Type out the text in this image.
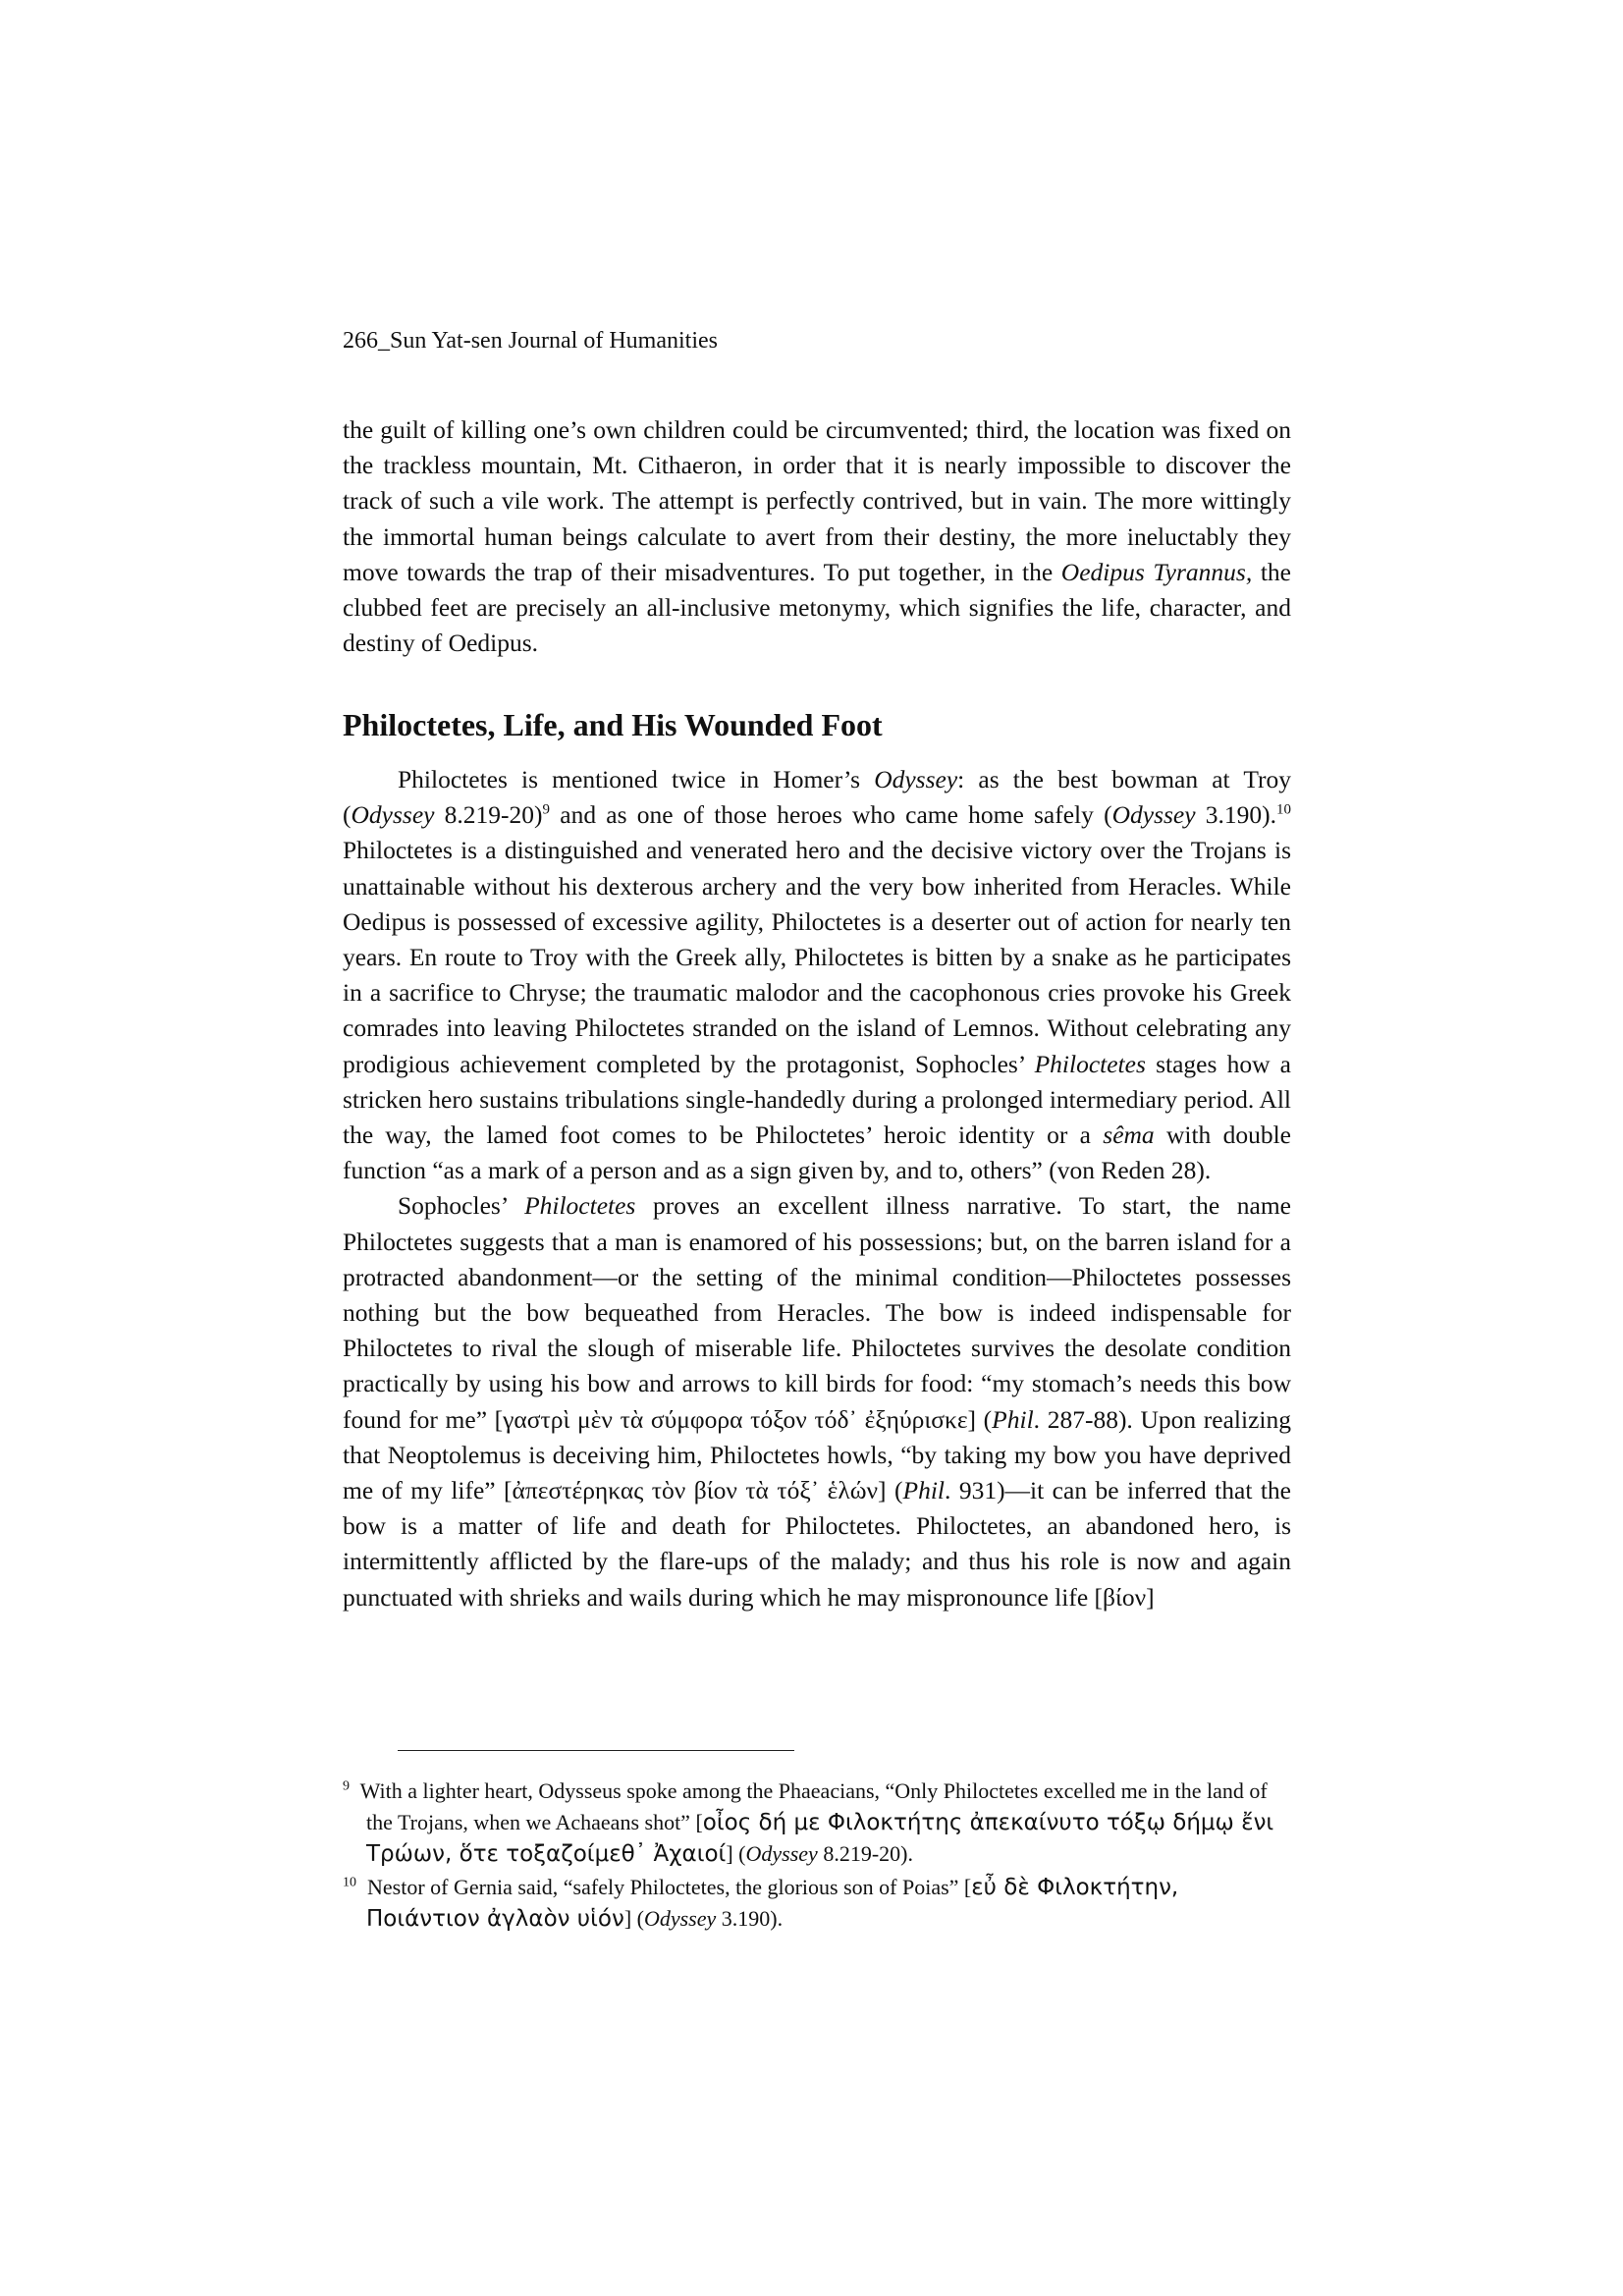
266_Sun Yat-sen Journal of Humanities

the guilt of killing one’s own children could be circumvented; third, the location was fixed on the trackless mountain, Mt. Cithaeron, in order that it is nearly impossible to discover the track of such a vile work. The attempt is perfectly contrived, but in vain. The more wittingly the immortal human beings calculate to avert from their destiny, the more ineluctably they move towards the trap of their misadventures. To put together, in the Oedipus Tyrannus, the clubbed feet are precisely an all-inclusive metonymy, which signifies the life, character, and destiny of Oedipus.

Philoctetes, Life, and His Wounded Foot

Philoctetes is mentioned twice in Homer’s Odyssey: as the best bowman at Troy (Odyssey 8.219-20)$^9$ and as one of those heroes who came home safely (Odyssey 3.190).$^{10}$ Philoctetes is a distinguished and venerated hero and the decisive victory over the Trojans is unattainable without his dexterous archery and the very bow inherited from Heracles. While Oedipus is possessed of excessive agility, Philoctetes is a deserter out of action for nearly ten years. En route to Troy with the Greek ally, Philoctetes is bitten by a snake as he participates in a sacrifice to Chryse; the traumatic malodor and the cacophonous cries provoke his Greek comrades into leaving Philoctetes stranded on the island of Lemnos. Without celebrating any prodigious achievement completed by the protagonist, Sophocles’ Philoctetes stages how a stricken hero sustains tribulations single-handedly during a prolonged intermediary period. All the way, the lamed foot comes to be Philoctetes’ heroic identity or a sêma with double function “as a mark of a person and as a sign given by, and to, others” (von Reden 28).

Sophocles’ Philoctetes proves an excellent illness narrative. To start, the name Philoctetes suggests that a man is enamored of his possessions; but, on the barren island for a protracted abandonment—or the setting of the minimal condition—Philoctetes possesses nothing but the bow bequeathed from Heracles. The bow is indeed indispensable for Philoctetes to rival the slough of miserable life. Philoctetes survives the desolate condition practically by using his bow and arrows to kill birds for food: “my stomach’s needs this bow found for me” [γαστρὶ μὲν τὰ σύμφορα τόξον τόδ᾽ ἐξηύρισκε] (Phil. 287-88). Upon realizing that Neoptolemus is deceiving him, Philoctetes howls, “by taking my bow you have deprived me of my life” [ἀπεστέρηκας τὸν βίον τὰ τόξ᾽ ἑλών] (Phil. 931)—it can be inferred that the bow is a matter of life and death for Philoctetes. Philoctetes, an abandoned hero, is intermittently afflicted by the flare-ups of the malady; and thus his role is now and again punctuated with shrieks and wails during which he may mispronounce life [βίον]

$^9$ With a lighter heart, Odysseus spoke among the Phaeacians, “Only Philoctetes excelled me in the land of the Trojans, when we Achaeans shot” [οἶος δή με Φιλοκτήτης ἀπεκαίνυτο τόξῳ δήμῳ ἔνι Τρώων, ὅτε τοξαζοίμεθ᾽ Ἀχαιοί] (Odyssey 8.219-20).

$^{10}$ Nestor of Gernia said, “safely Philoctetes, the glorious son of Poias” [εὖ δὲ Φιλοκτήτην, Ποιάντιον ἀγλαὸν υἱόν] (Odyssey 3.190).
